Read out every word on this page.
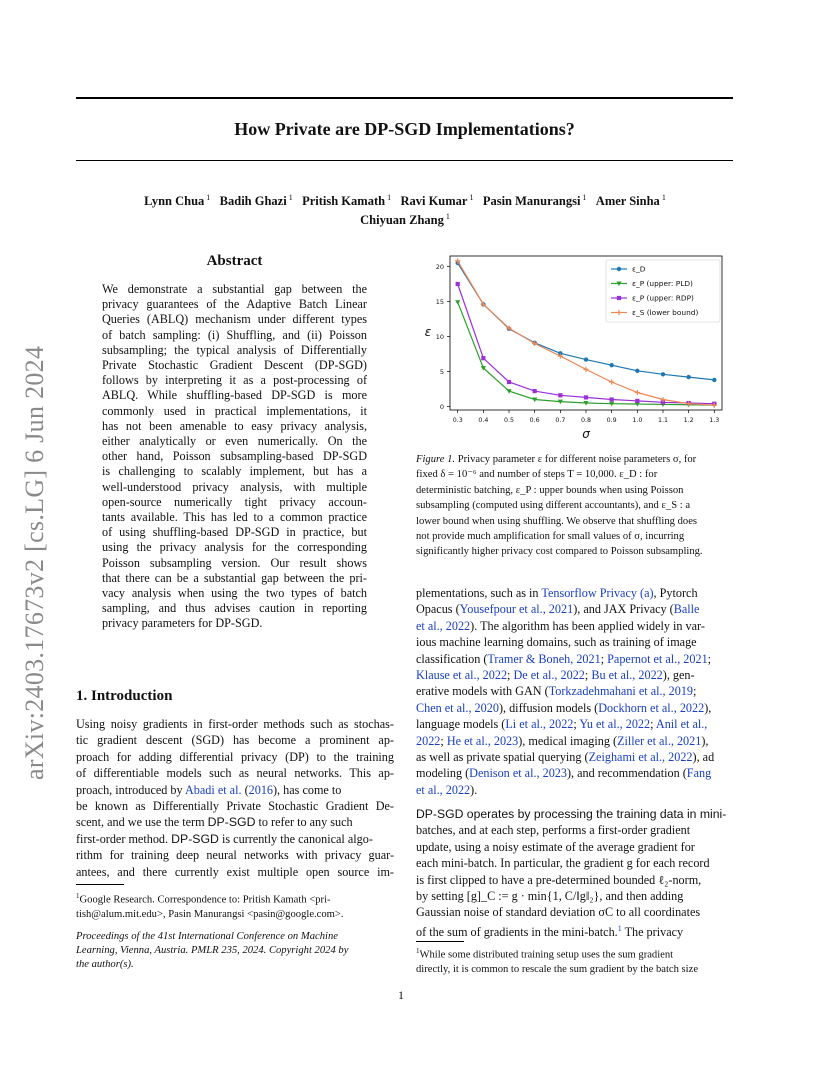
How Private are DP-SGD Implementations?
Lynn Chua $^1$ Badih Ghazi $^1$ Pritish Kamath $^1$ Ravi Kumar $^1$ Pasin Manurangsi $^1$ Amer Sinha $^1$
Chiyuan Zhang $^1$
arXiv:2403.17673v2 [cs.LG] 6 Jun 2024
Abstract
We demonstrate a substantial gap between the
privacy guarantees of the Adaptive Batch Linear
Queries (ABLQ) mechanism under different types
of batch sampling: (i) Shuffling, and (ii) Poisson
subsampling; the typical analysis of Differentially
Private Stochastic Gradient Descent (DP-SGD)
follows by interpreting it as a post-processing of
ABLQ. While shuffling-based DP-SGD is more
commonly used in practical implementations, it
has not been amenable to easy privacy analysis,
either analytically or even numerically. On the
other hand, Poisson subsampling-based DP-SGD
is challenging to scalably implement, but has a
well-understood privacy analysis, with multiple
open-source numerically tight privacy accoun-
tants available. This has led to a common practice
of using shuffling-based DP-SGD in practice, but
using the privacy analysis for the corresponding
Poisson subsampling version. Our result shows
that there can be a substantial gap between the pri-
vacy analysis when using the two types of batch
sampling, and thus advises caution in reporting
privacy parameters for DP-SGD.
1. Introduction
Using noisy gradients in first-order methods such as stochas-
tic gradient descent (SGD) has become a prominent ap-
proach for adding differential privacy (DP) to the training
of differentiable models such as neural networks. This ap-
proach, introduced by Abadi et al. (2016), has come to
be known as Differentially Private Stochastic Gradient De-
scent, and we use the term DP-SGD to refer to any such
first-order method. DP-SGD is currently the canonical algo-
rithm for training deep neural networks with privacy guar-
antees, and there currently exist multiple open source im-
$^1$Google Research. Correspondence to: Pritish Kamath <pri-
tish@alum.mit.edu>, Pasin Manurangsi <pasin@google.com>.
Proceedings of the 41st International Conference on Machine
Learning, Vienna, Austria. PMLR 235, 2024. Copyright 2024 by
the author(s).
0.3 0.4 0.5 0.6 0.7 0.8 0.9 1.0 1.1 1.2 1.3
0
5
10
15
20
σ
ε
ε_D
ε_P (upper: PLD)
ε_P (upper: RDP)
ε_S (lower bound)
Figure 1. Privacy parameter ε for different noise parameters σ, for
fixed δ = 10⁻⁶ and number of steps T = 10,000. ε_D : for
deterministic batching, ε_P : upper bounds when using Poisson
subsampling (computed using different accountants), and ε_S : a
lower bound when using shuffling. We observe that shuffling does
not provide much amplification for small values of σ, incurring
significantly higher privacy cost compared to Poisson subsampling.
plementations, such as in Tensorflow Privacy (a), Pytorch
Opacus (Yousefpour et al., 2021), and JAX Privacy (Balle
et al., 2022). The algorithm has been applied widely in var-
ious machine learning domains, such as training of image
classification (Tramer & Boneh, 2021; Papernot et al., 2021;
Klause et al., 2022; De et al., 2022; Bu et al., 2022), gen-
erative models with GAN (Torkzadehmahani et al., 2019;
Chen et al., 2020), diffusion models (Dockhorn et al., 2022),
language models (Li et al., 2022; Yu et al., 2022; Anil et al.,
2022; He et al., 2023), medical imaging (Ziller et al., 2021),
as well as private spatial querying (Zeighami et al., 2022), ad
modeling (Denison et al., 2023), and recommendation (Fang
et al., 2022).
DP-SGD operates by processing the training data in mini-
batches, and at each step, performs a first-order gradient
update, using a noisy estimate of the average gradient for
each mini-batch. In particular, the gradient g for each record
is first clipped to have a pre-determined bounded ℓ₂-norm,
by setting [g]_C := g · min{1, C/‖g‖₂}, and then adding
Gaussian noise of standard deviation σC to all coordinates
of the sum of gradients in the mini-batch.$^1$ The privacy
$^1$While some distributed training setup uses the sum gradient
directly, it is common to rescale the sum gradient by the batch size
1
